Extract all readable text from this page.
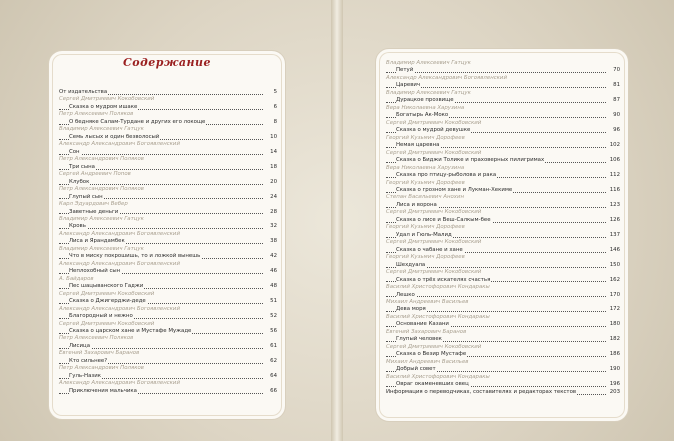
Содержание
От издательства	5
Сергей Дмитриевич Кокобовский
Сказка о мудром ишаке	6
Петр Алексеевич Поляков
О бедняке Салам-Турдане и других его локоще	8
Владимир Алексеевич Гатцук
Семь лысых и один безволосый	10
Александр Александрович Богоявленский
Сон	14
Петр Александрович Поляков
Три сына	18
Сергей Андреевич Попов
Клубок	20
Петр Александрович Поляков
Глупый сын	24
Карл Эдуардович Вебер
Заветные деньги	28
Владимир Алексеевич Гатцук
Кровь	32
Александр Александрович Богоявленский
Лиса и Ярандамбек	38
Владимир Алексеевич Гатцук
Что в миску покрошишь, то и ложкой вынешь	42
Александр Александрович Богоявленский
Неплохобный сын	46
А. Байдаров
Пес шацыванского Гаджи	48
Сергей Дмитриевич Кокобовский
Сказка о Джигерджи-деде	51
Александр Александрович Богоявленский
Благородный и нежно	52
Сергей Дмитриевич Кокобовский
Сказка о царском хане и Мустафе Мужаде	56
Петр Алексеевич Поляков
Лисица	61
Евгений Захарович Баранов
Кто сильнее?	62
Петр Александрович Поляков
Гуль-Назик	64
Александр Александрович Богоявленский
Приключения мальчика	66
Владимир Алексеевич Гатцук
Петуй	70
Александр Александрович Богоявленский
Царевич	81
Владимир Алексеевич Гатцук
Дурацкое прозвище	87
Вера Николаевна Харузина
Богатырь Ак-Моко	90
Сергей Дмитриевич Кокобовский
Сказка о мудрой девушке	96
Георгий Кузьмич Дорофеев
Немая царевна	102
Сергей Дмитриевич Кокобовский
Сказка о Биджи Толике и праховерных пилигримах	106
Вера Николаевна Харузина
Сказка про птицу-рыболова и рака	112
Георгий Кузьмич Дорофеев
Сказка о грозном хане и Лукман-Хекиме	116
Степан Васильевич Анохин
Лиса и ворона	123
Сергей Дмитриевич Кокобовский
Сказка о лисе и Веш-Салкым-беe	126
Георгий Кузьмич Дорофеев
Удал и Гюль-Малид	137
Сергей Дмитриевич Кокобовский
Сказка о чабане и хане	146
Георгий Кузьмич Дорофеев
Шехдуала	150
Сергей Дмитриевич Кокобовский
Сказка о трёх искателях счастья	162
Василий Христофорович Кондаракы
Лешко	170
Михаил Андреевич Васильев
Дева моря	172
Василий Христофорович Кондаракы
Основание Казани	180
Евгений Захарович Баранов
Глупый человек	182
Сергей Дмитриевич Кокобовский
Сказка о Везир Мустафе	186
Михаил Андреевич Васильев
Добрый совет	190
Василий Христофорович Кондаракы
Овраг окаменевших овец	196
Информация о переводчиках, составителях и редакторах текстов	203
